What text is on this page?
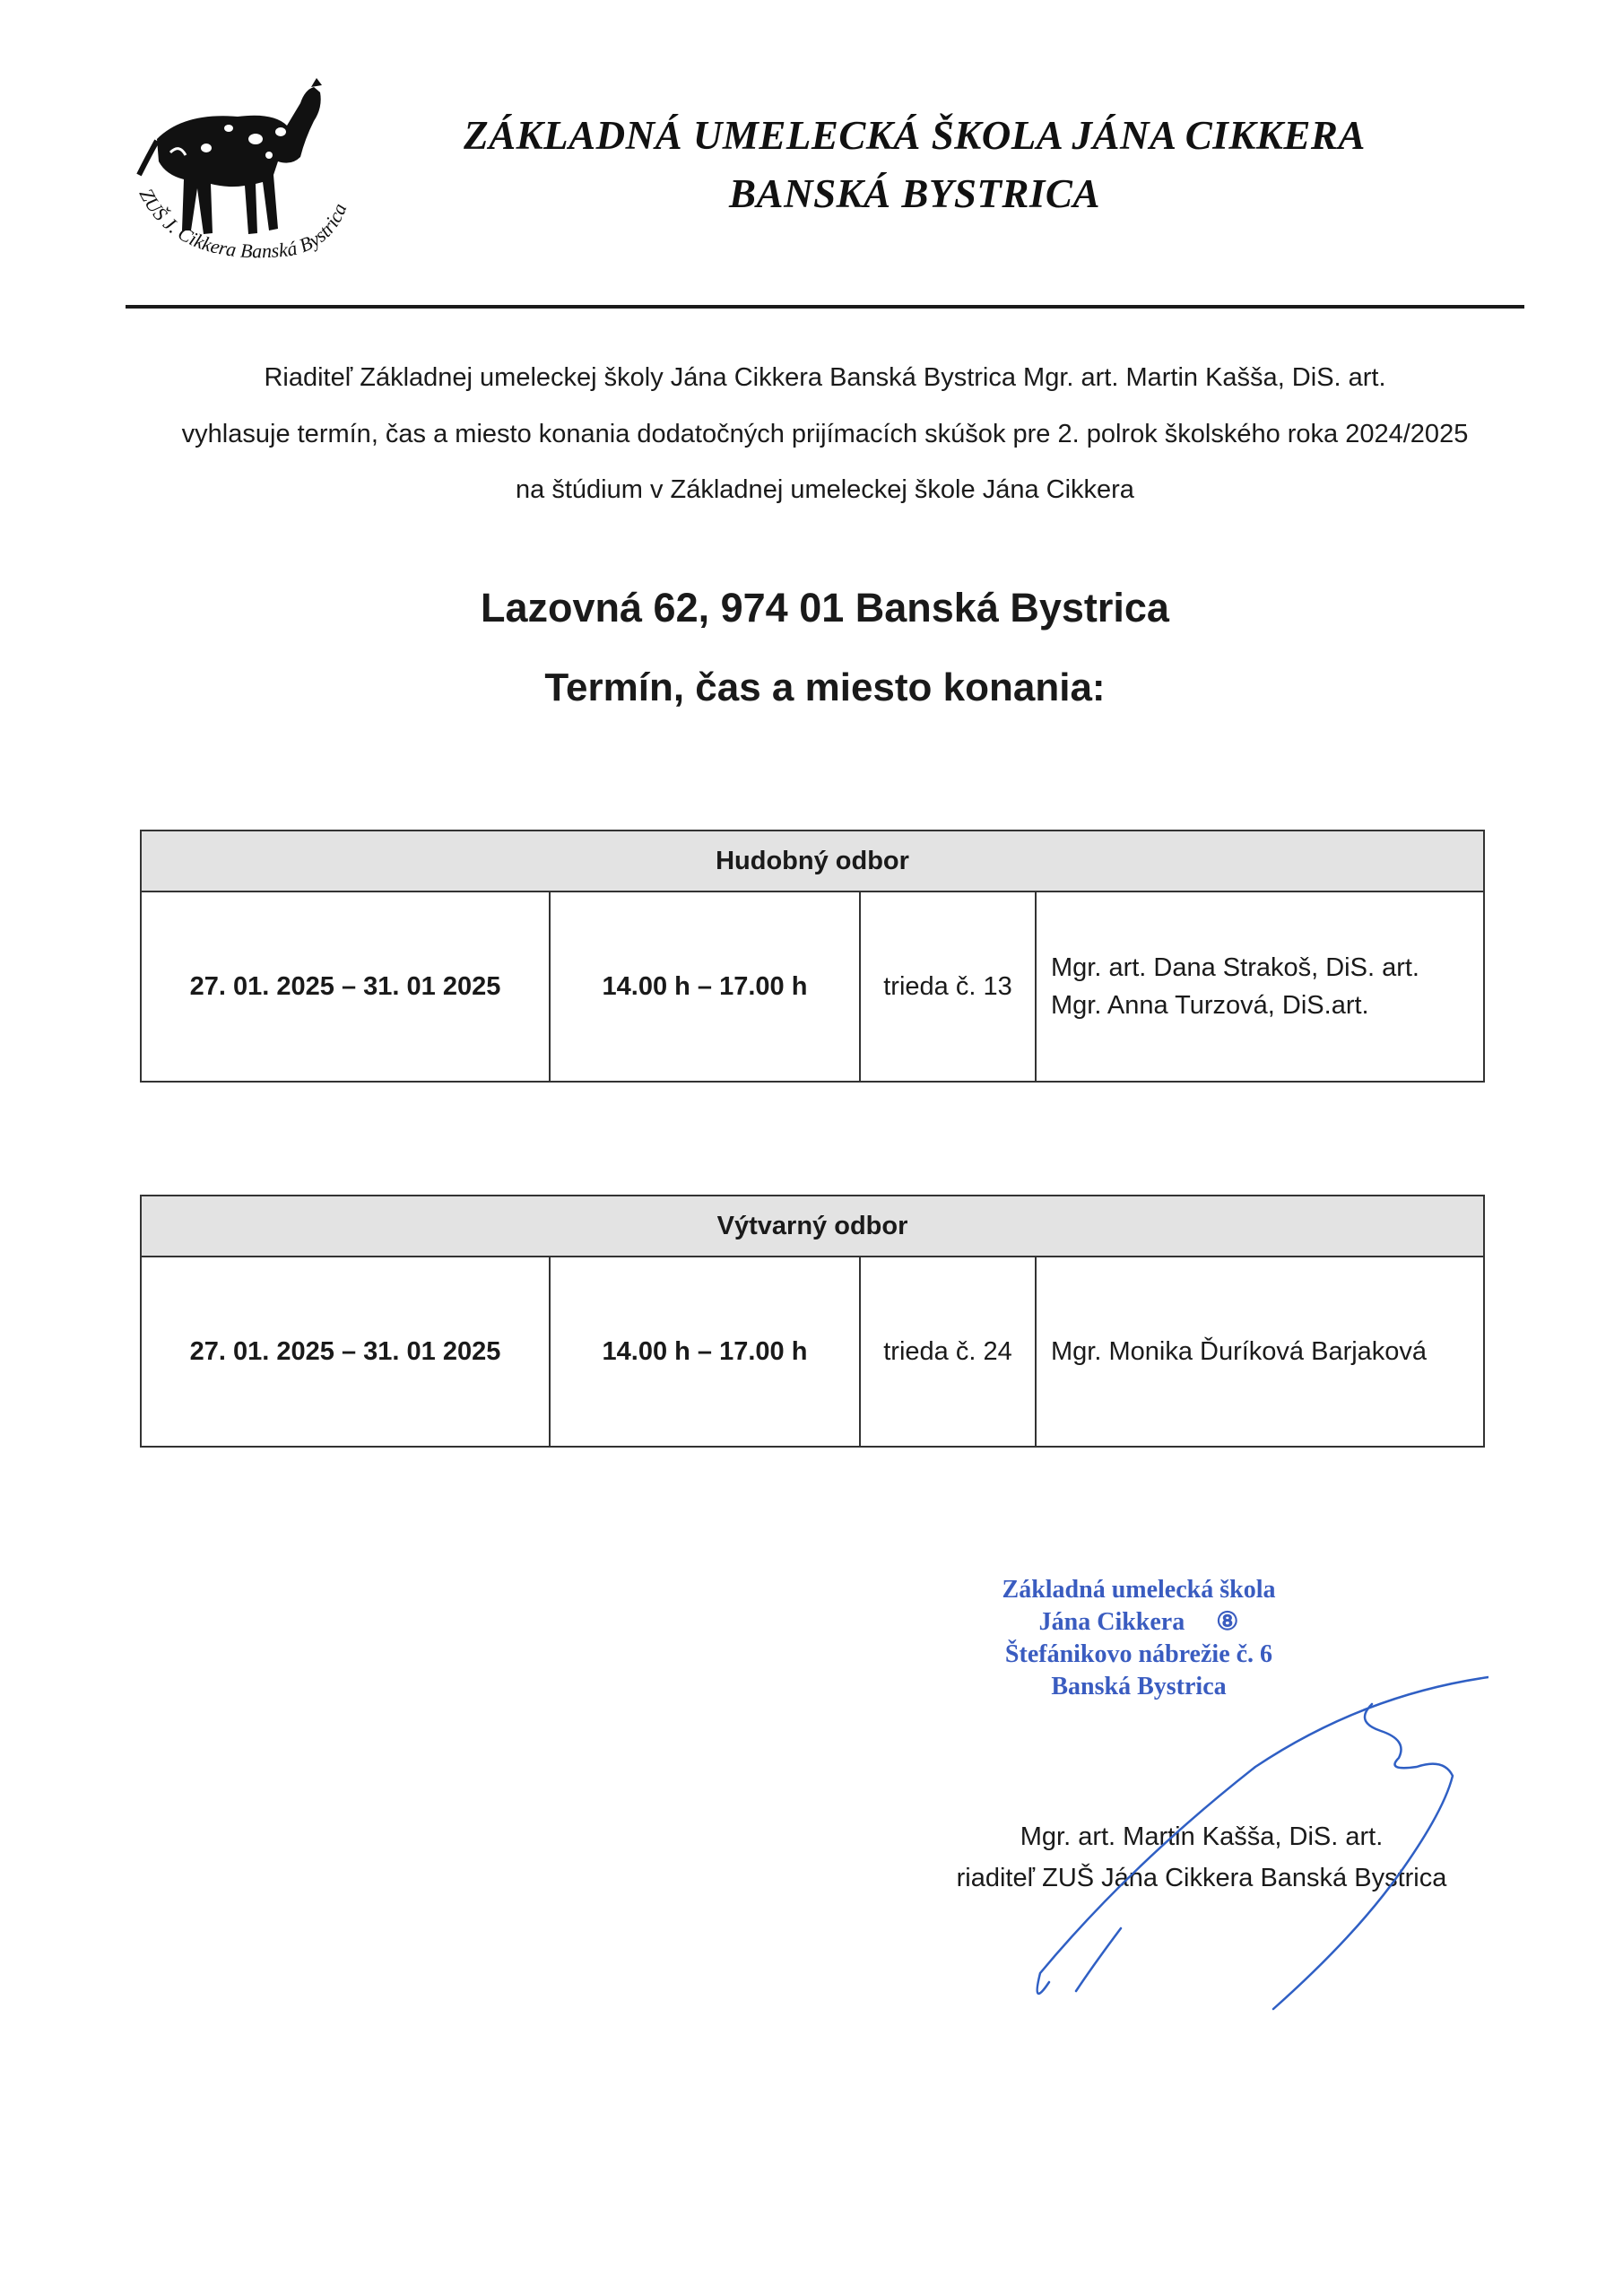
ZUŠ J. Cikkera Banská Bystrica
ZÁKLADNÁ UMELECKÁ ŠKOLA JÁNA CIKKERA
BANSKÁ BYSTRICA
Riaditeľ Základnej umeleckej školy Jána Cikkera Banská Bystrica Mgr. art. Martin Kašša, DiS. art.
vyhlasuje termín, čas a miesto konania dodatočných prijímacích skúšok pre 2. polrok školského roka 2024/2025
na štúdium v Základnej umeleckej škole Jána Cikkera
Lazovná 62, 974 01 Banská Bystrica
Termín, čas a miesto konania:
Hudobný odbor
27. 01. 2025 – 31. 01 2025	14.00 h – 17.00 h	trieda č. 13	
Mgr. art. Dana Strakoš, DiS. art.
Mgr. Anna Turzová, DiS.art.
Výtvarný odbor
27. 01. 2025 – 31. 01 2025	14.00 h – 17.00 h	trieda č. 24	Mgr. Monika Ďuríková Barjaková
Základná umelecká škola
Jána Cikkera ⑧
Štefánikovo nábrežie č. 6
Banská Bystrica
Mgr. art. Martin Kašša, DiS. art.
riaditeľ ZUŠ Jána Cikkera Banská Bystrica
